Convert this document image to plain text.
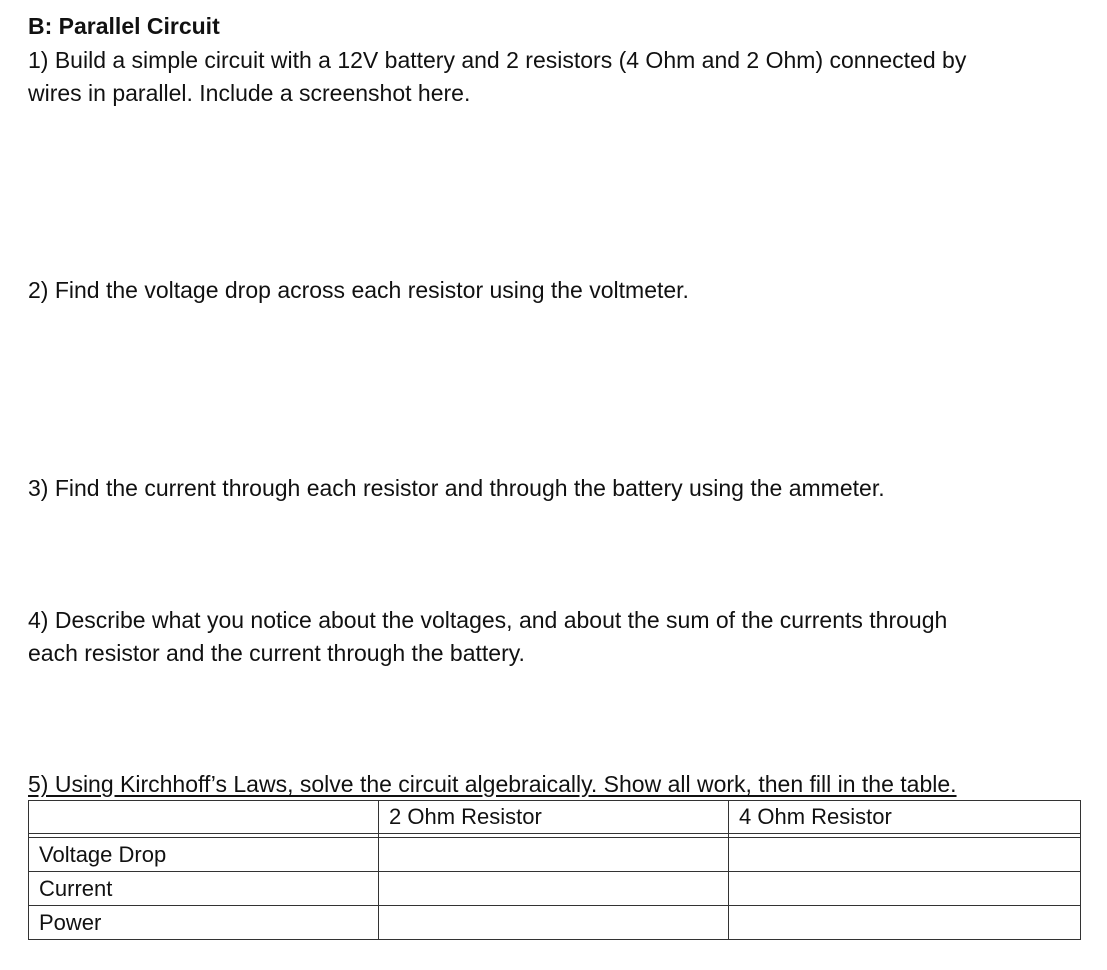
B: Parallel Circuit

1) Build a simple circuit with a 12V battery and 2 resistors (4 Ohm and 2 Ohm) connected by

wires in parallel. Include a screenshot here.

2) Find the voltage drop across each resistor using the voltmeter.

3) Find the current through each resistor and through the battery using the ammeter.

4) Describe what you notice about the voltages, and about the sum of the currents through

each resistor and the current through the battery.

5) Using Kirchhoff’s Laws, solve the circuit algebraically. Show all work, then fill in the table.

	2 Ohm Resistor	4 Ohm Resistor

Voltage Drop		
Current		
Power		
